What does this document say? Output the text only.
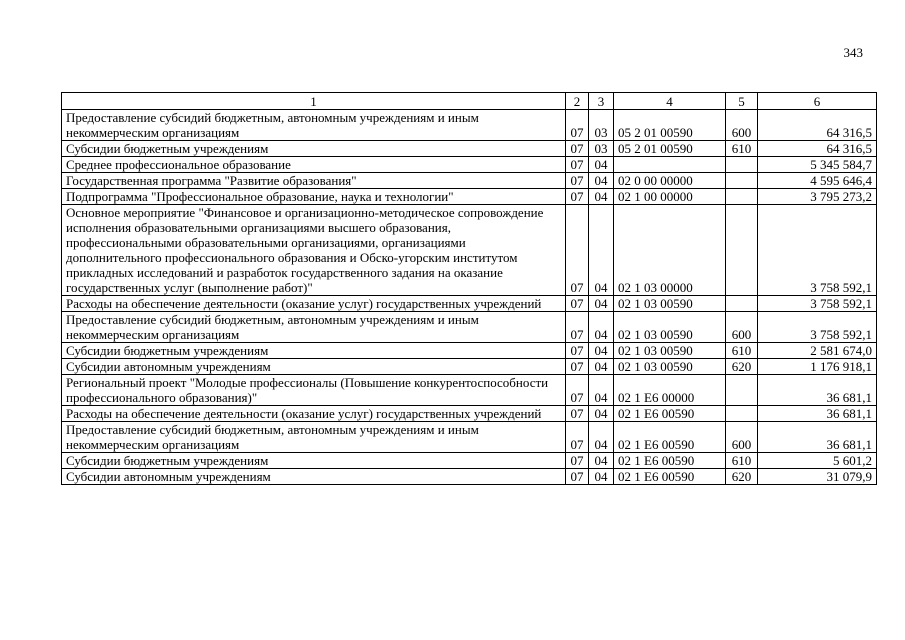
343
1	2	3	4	5	6
Предоставление субсидий бюджетным, автономным учреждениям и иным некоммерческим организациям	07	03	05 2 01 00590	600	64 316,5
Субсидии бюджетным учреждениям	07	03	05 2 01 00590	610	64 316,5
Среднее профессиональное образование	07	04			5 345 584,7
Государственная программа "Развитие образования"	07	04	02 0 00 00000		4 595 646,4
Подпрограмма "Профессиональное образование, наука и технологии"	07	04	02 1 00 00000		3 795 273,2
Основное мероприятие "Финансовое и организационно-методическое сопровождение исполнения образовательными организациями высшего образования, профессиональными образовательными организациями, организациями дополнительного профессионального образования и Обско-угорским институтом прикладных исследований и разработок государственного задания на оказание государственных услуг (выполнение работ)"	07	04	02 1 03 00000		3 758 592,1
Расходы на обеспечение деятельности (оказание услуг) государственных учреждений	07	04	02 1 03 00590		3 758 592,1
Предоставление субсидий бюджетным, автономным учреждениям и иным некоммерческим организациям	07	04	02 1 03 00590	600	3 758 592,1
Субсидии бюджетным учреждениям	07	04	02 1 03 00590	610	2 581 674,0
Субсидии автономным учреждениям	07	04	02 1 03 00590	620	1 176 918,1
Региональный проект "Молодые профессионалы (Повышение конкурентоспособности профессионального образования)"	07	04	02 1 E6 00000		36 681,1
Расходы на обеспечение деятельности (оказание услуг) государственных учреждений	07	04	02 1 E6 00590		36 681,1
Предоставление субсидий бюджетным, автономным учреждениям и иным некоммерческим организациям	07	04	02 1 E6 00590	600	36 681,1
Субсидии бюджетным учреждениям	07	04	02 1 E6 00590	610	5 601,2
Субсидии автономным учреждениям	07	04	02 1 E6 00590	620	31 079,9
